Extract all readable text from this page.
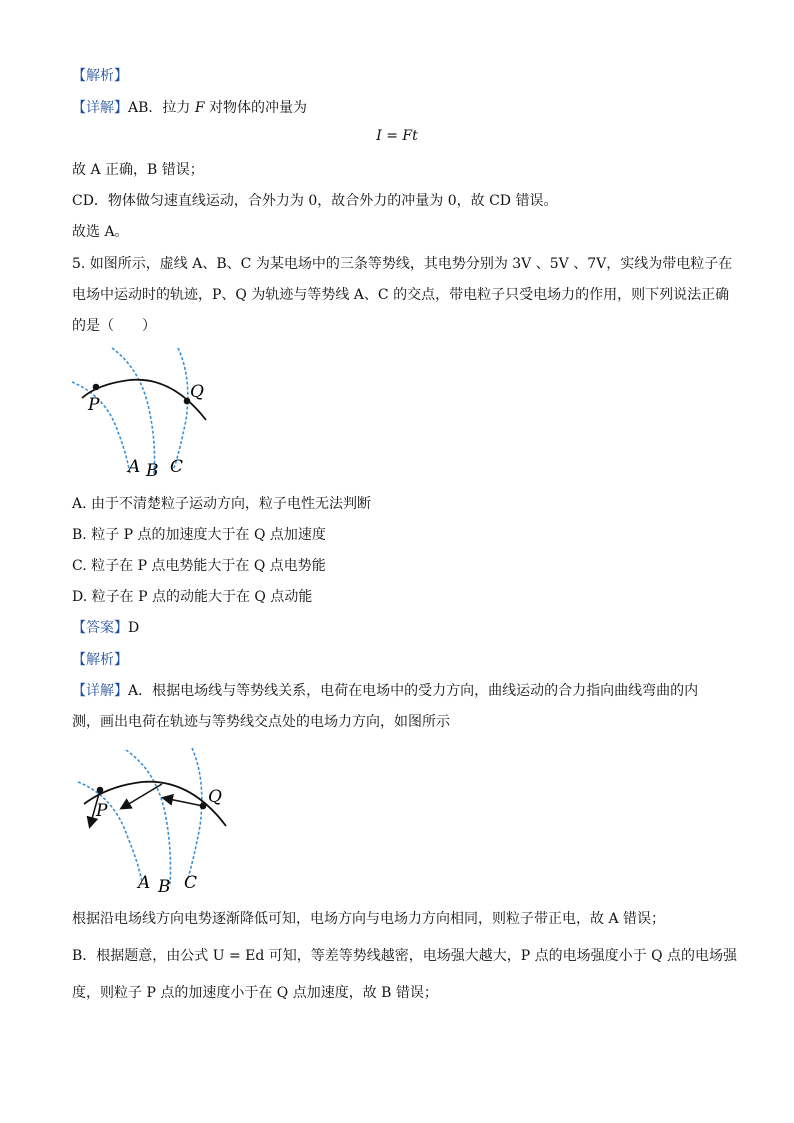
【解析】
【详解】AB．拉力 F 对物体的冲量为
I = Ft
故 A 正确，B 错误；
CD．物体做匀速直线运动，合外力为 0，故合外力的冲量为 0，故 CD 错误。
故选 A。
5. 如图所示，虚线 A、B、C 为某电场中的三条等势线，其电势分别为 3V 、5V 、7V，实线为带电粒子在
电场中运动时的轨迹，P、Q 为轨迹与等势线 A、C 的交点，带电粒子只受电场力的作用，则下列说法正确
的是（　　）
P
Q
A B C
A. 由于不清楚粒子运动方向，粒子电性无法判断
B. 粒子 P 点的加速度大于在 Q 点加速度
C. 粒子在 P 点电势能大于在 Q 点电势能
D. 粒子在 P 点的动能大于在 Q 点动能
【答案】D
【解析】
【详解】A．根据电场线与等势线关系，电荷在电场中的受力方向，曲线运动的合力指向曲线弯曲的内
测，画出电荷在轨迹与等势线交点处的电场力方向，如图所示
P
Q
A B C
根据沿电场线方向电势逐渐降低可知，电场方向与电场力方向相同，则粒子带正电，故 A 错误；
B．根据题意，由公式 U = Ed 可知，等差等势线越密，电场强大越大，P 点的电场强度小于 Q 点的电场强
度，则粒子 P 点的加速度小于在 Q 点加速度，故 B 错误；
